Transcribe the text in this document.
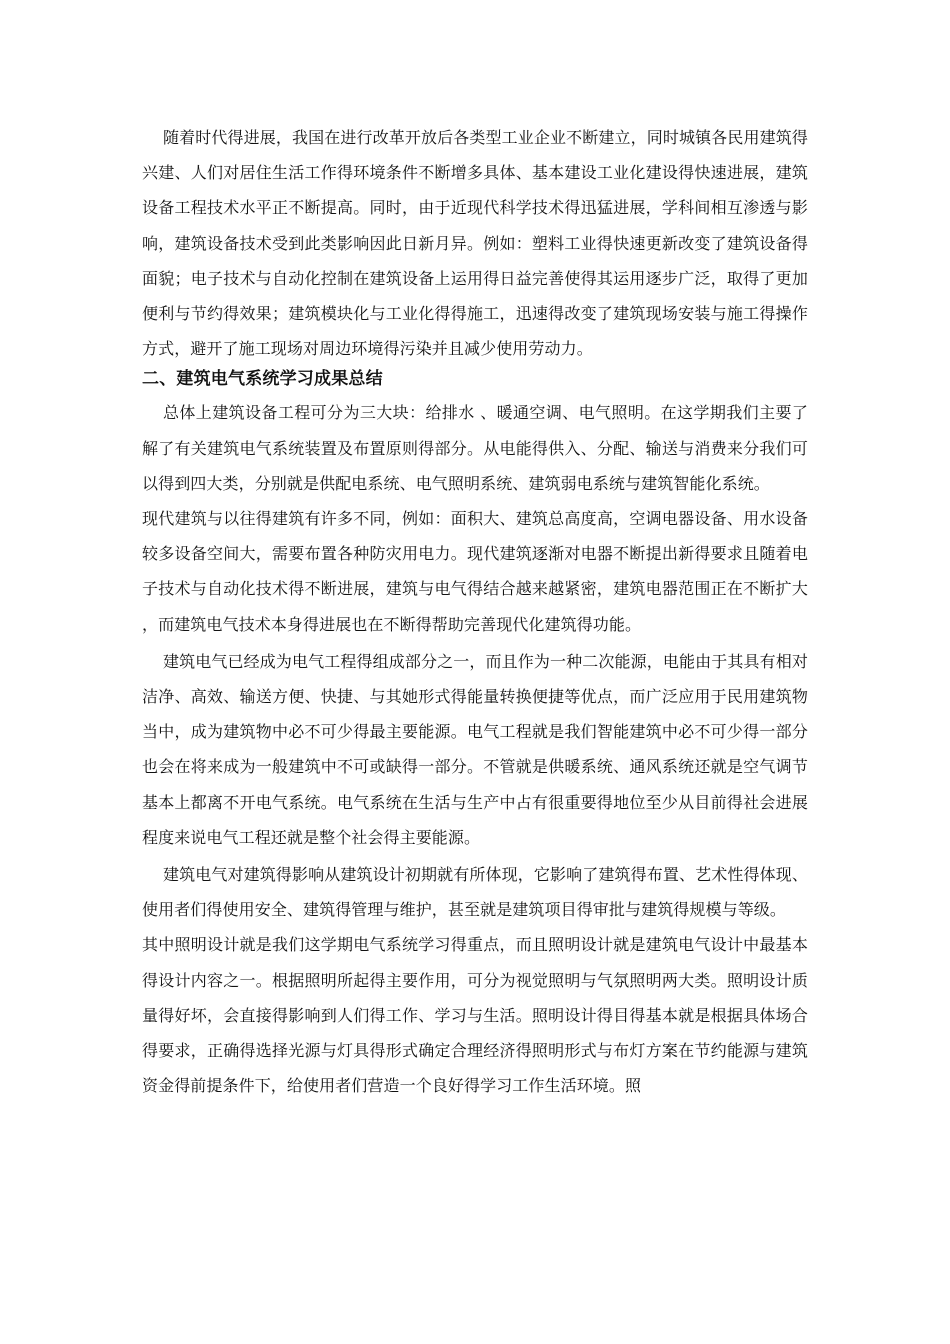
随着时代得进展，我国在进行改革开放后各类型工业企业不断建立，同时城镇各民用建筑得兴建、人们对居住生活工作得环境条件不断增多具体、基本建设工业化建设得快速进展，建筑设备工程技术水平正不断提高。同时，由于近现代科学技术得迅猛进展，学科间相互渗透与影响，建筑设备技术受到此类影响因此日新月异。例如：塑料工业得快速更新改变了建筑设备得面貌；电子技术与自动化控制在建筑设备上运用得日益完善使得其运用逐步广泛，取得了更加便利与节约得效果；建筑模块化与工业化得得施工，迅速得改变了建筑现场安装与施工得操作方式，避开了施工现场对周边环境得污染并且减少使用劳动力。

二、建筑电气系统学习成果总结

总体上建筑设备工程可分为三大块：给排水 、暖通空调、电气照明。在这学期我们主要了解了有关建筑电气系统装置及布置原则得部分。从电能得供入、分配、输送与消费来分我们可以得到四大类，分别就是供配电系统、电气照明系统、建筑弱电系统与建筑智能化系统。

现代建筑与以往得建筑有许多不同，例如：面积大、建筑总高度高，空调电器设备、用水设备较多设备空间大，需要布置各种防灾用电力。现代建筑逐渐对电器不断提出新得要求且随着电子技术与自动化技术得不断进展，建筑与电气得结合越来越紧密，建筑电器范围正在不断扩大，而建筑电气技术本身得进展也在不断得帮助完善现代化建筑得功能。

建筑电气已经成为电气工程得组成部分之一，而且作为一种二次能源，电能由于其具有相对洁净、高效、输送方便、快捷、与其她形式得能量转换便捷等优点，而广泛应用于民用建筑物当中，成为建筑物中必不可少得最主要能源。电气工程就是我们智能建筑中必不可少得一部分也会在将来成为一般建筑中不可或缺得一部分。不管就是供暖系统、通风系统还就是空气调节基本上都离不开电气系统。电气系统在生活与生产中占有很重要得地位至少从目前得社会进展程度来说电气工程还就是整个社会得主要能源。

建筑电气对建筑得影响从建筑设计初期就有所体现，它影响了建筑得布置、艺术性得体现、使用者们得使用安全、建筑得管理与维护，甚至就是建筑项目得审批与建筑得规模与等级。

其中照明设计就是我们这学期电气系统学习得重点，而且照明设计就是建筑电气设计中最基本得设计内容之一。根据照明所起得主要作用，可分为视觉照明与气氛照明两大类。照明设计质量得好坏，会直接得影响到人们得工作、学习与生活。照明设计得目得基本就是根据具体场合得要求，正确得选择光源与灯具得形式确定合理经济得照明形式与布灯方案在节约能源与建筑资金得前提条件下，给使用者们营造一个良好得学习工作生活环境。照
